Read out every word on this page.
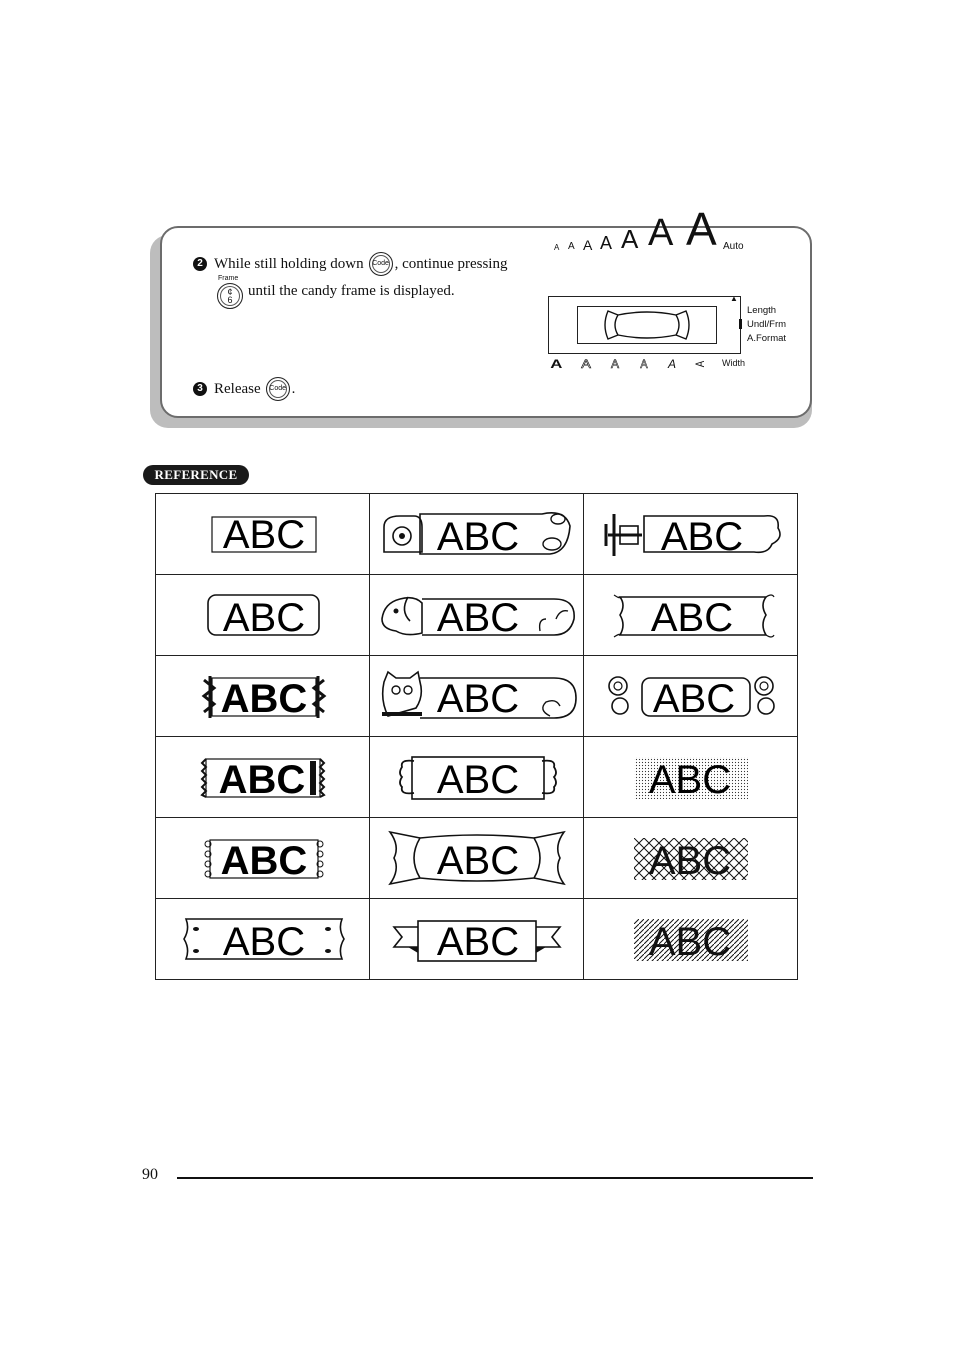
2 While still holding down	Code , continue pressing
Frame
¢
6
until the candy frame is displayed.
3 Release	Code .
A A A A A A A Auto
▲
Length
Undl/Frm
A.Format
A A A A A A Width
REFERENCE
ABC	ABC	ABC

ABC	ABC	ABC

ABC	ABC	ABC

ABC	ABC	ABC

ABC	ABC	ABC

ABC	ABC	ABC
90
